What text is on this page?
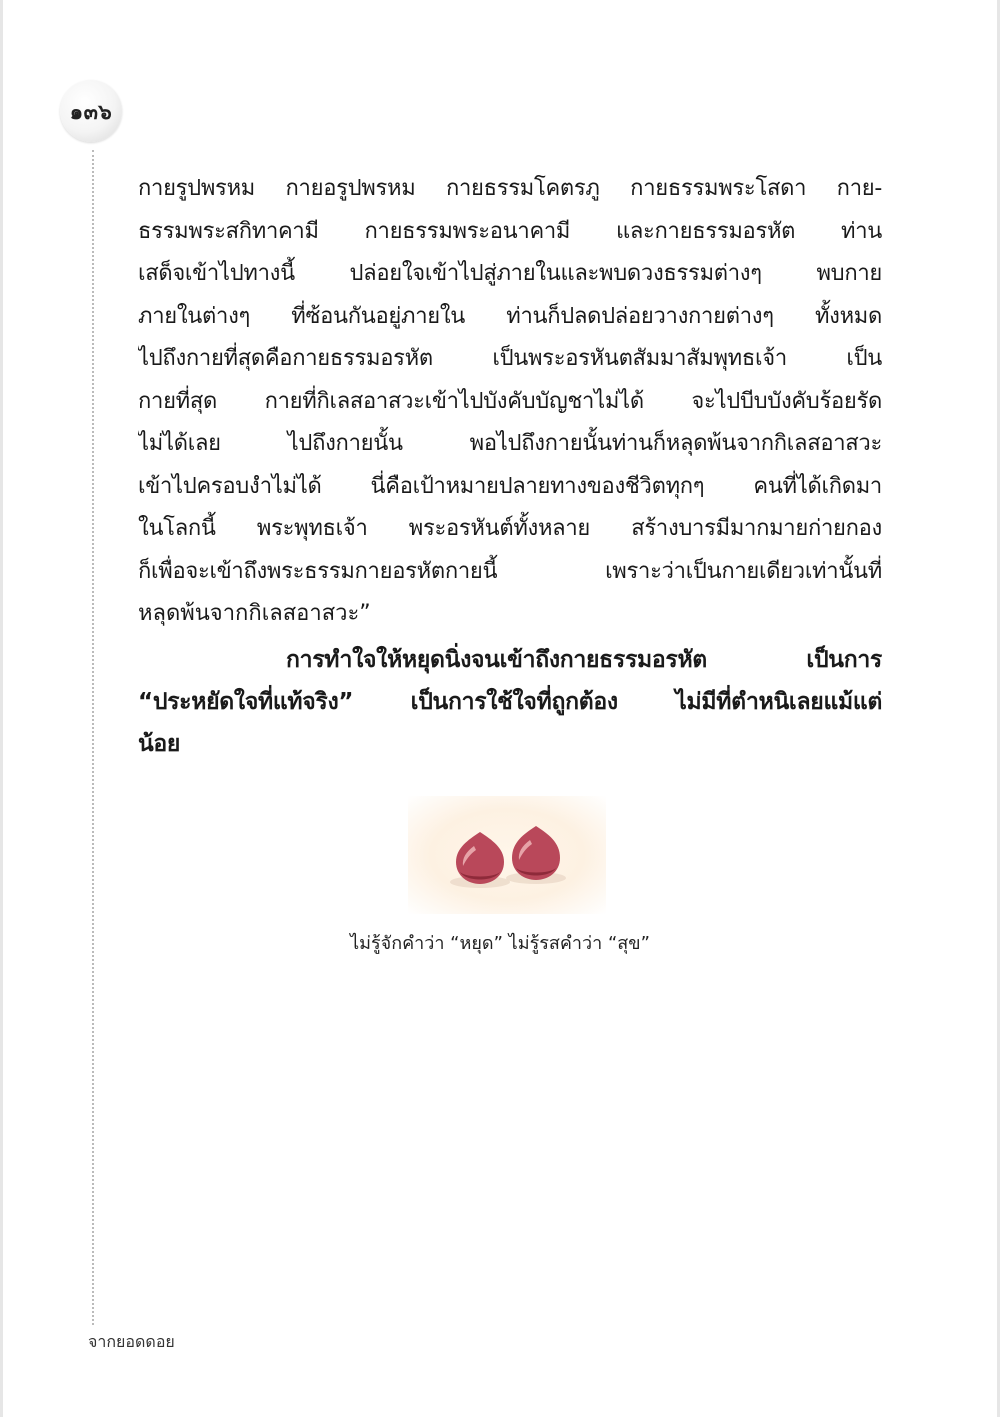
๑๓๖
กายรูปพรหม กายอรูปพรหม กายธรรมโคตรภู กายธรรมพระโสดา กาย-
ธรรมพระสกิทาคามี กายธรรมพระอนาคามี และกายธรรมอรหัต ท่าน
เสด็จเข้าไปทางนี้ ปล่อยใจเข้าไปสู่ภายในและพบดวงธรรมต่างๆ พบกาย
ภายในต่างๆ ที่ซ้อนกันอยู่ภายใน ท่านก็ปลดปล่อยวางกายต่างๆ ทั้งหมด
ไปถึงกายที่สุดคือกายธรรมอรหัต เป็นพระอรหันตสัมมาสัมพุทธเจ้า เป็น
กายที่สุด กายที่กิเลสอาสวะเข้าไปบังคับบัญชาไม่ได้ จะไปบีบบังคับร้อยรัด
ไม่ได้เลย ไปถึงกายนั้น พอไปถึงกายนั้นท่านก็หลุดพ้นจากกิเลสอาสวะ
เข้าไปครอบงำไม่ได้ นี่คือเป้าหมายปลายทางของชีวิตทุกๆ คนที่ได้เกิดมา
ในโลกนี้ พระพุทธเจ้า พระอรหันต์ทั้งหลาย สร้างบารมีมากมายก่ายกอง
ก็เพื่อจะเข้าถึงพระธรรมกายอรหัตกายนี้ เพราะว่าเป็นกายเดียวเท่านั้นที่
หลุดพ้นจากกิเลสอาสวะ”
การทำใจให้หยุดนิ่งจนเข้าถึงกายธรรมอรหัต เป็นการ
“ประหยัดใจที่แท้จริง” เป็นการใช้ใจที่ถูกต้อง ไม่มีที่ตำหนิเลยแม้แต่
น้อย
ไม่รู้จักคำว่า “หยุด” ไม่รู้รสคำว่า “สุข”
จากยอดดอย
